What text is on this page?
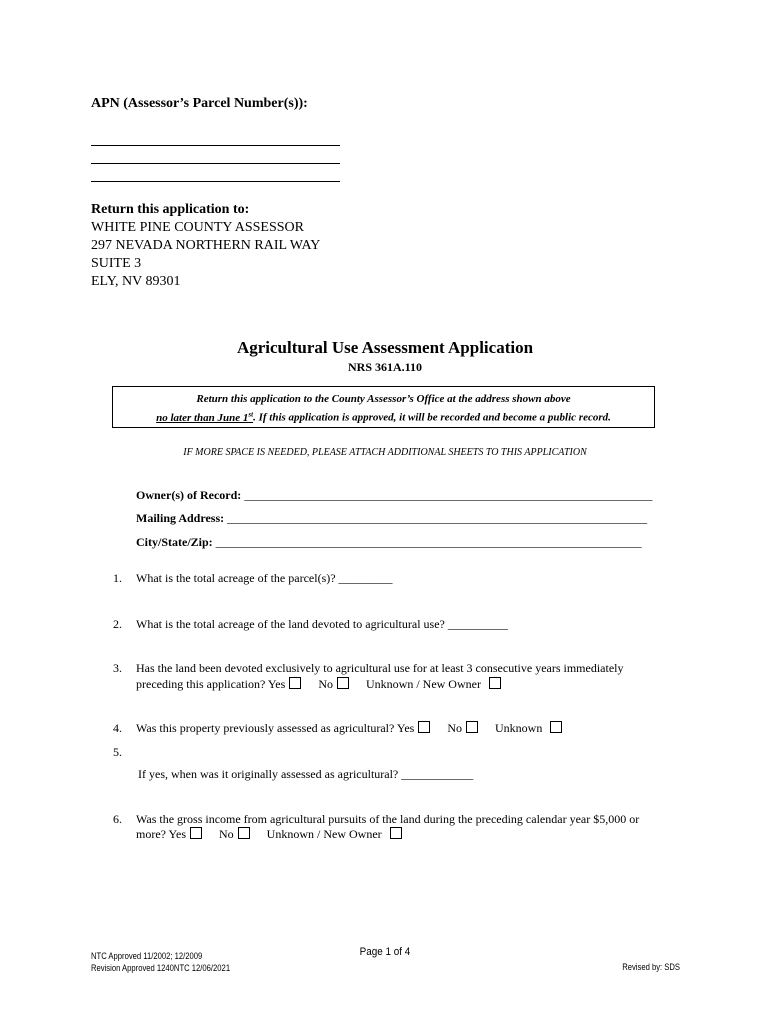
APN (Assessor’s Parcel Number(s)):
Return this application to:
WHITE PINE COUNTY ASSESSOR
297 NEVADA NORTHERN RAIL WAY
SUITE 3
ELY, NV 89301
Agricultural Use Assessment Application
NRS 361A.110
Return this application to the County Assessor’s Office at the address shown above
no later than June 1st. If this application is approved, it will be recorded and become a public record.
IF MORE SPACE IS NEEDED, PLEASE ATTACH ADDITIONAL SHEETS TO THIS APPLICATION
Owner(s) of Record: ____________________________________________________________________
Mailing Address: ______________________________________________________________________
City/State/Zip: _______________________________________________________________________
1. What is the total acreage of the parcel(s)? _________
2. What is the total acreage of the land devoted to agricultural use? __________
3. Has the land been devoted exclusively to agricultural use for at least 3 consecutive years immediately
preceding this application? Yes	No	Unknown / New Owner
4. Was this property previously assessed as agricultural? Yes	No	Unknown
5.
If yes, when was it originally assessed as agricultural? ____________
6. Was the gross income from agricultural pursuits of the land during the preceding calendar year $5,000 or
more? Yes	No	Unknown / New Owner
NTC Approved 11/2002; 12/2009
Revision Approved 1240NTC 12/06/2021
Page 1 of 4
Revised by: SDS
